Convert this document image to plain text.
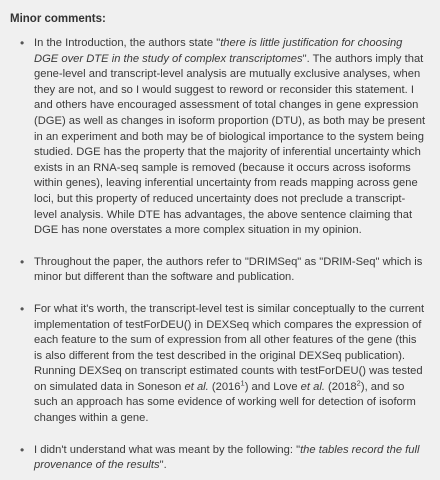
Minor comments:
• In the Introduction, the authors state "there is little justification for choosing DGE over DTE in the study of complex transcriptomes". The authors imply that gene-level and transcript-level analysis are mutually exclusive analyses, when they are not, and so I would suggest to reword or reconsider this statement. I and others have encouraged assessment of total changes in gene expression (DGE) as well as changes in isoform proportion (DTU), as both may be present in an experiment and both may be of biological importance to the system being studied. DGE has the property that the majority of inferential uncertainty which exists in an RNA-seq sample is removed (because it occurs across isoforms within genes), leaving inferential uncertainty from reads mapping across gene loci, but this property of reduced uncertainty does not preclude a transcript-level analysis. While DTE has advantages, the above sentence claiming that DGE has none overstates a more complex situation in my opinion.
• Throughout the paper, the authors refer to "DRIMSeq" as "DRIM-Seq" which is minor but different than the software and publication.
• For what it's worth, the transcript-level test is similar conceptually to the current implementation of testForDEU() in DEXSeq which compares the expression of each feature to the sum of expression from all other features of the gene (this is also different from the test described in the original DEXSeq publication). Running DEXSeq on transcript estimated counts with testForDEU() was tested on simulated data in Soneson et al. (2016$^1$) and Love et al. (2018$^2$), and so such an approach has some evidence of working well for detection of isoform changes within a gene.
• I didn't understand what was meant by the following: "the tables record the full provenance of the results".
